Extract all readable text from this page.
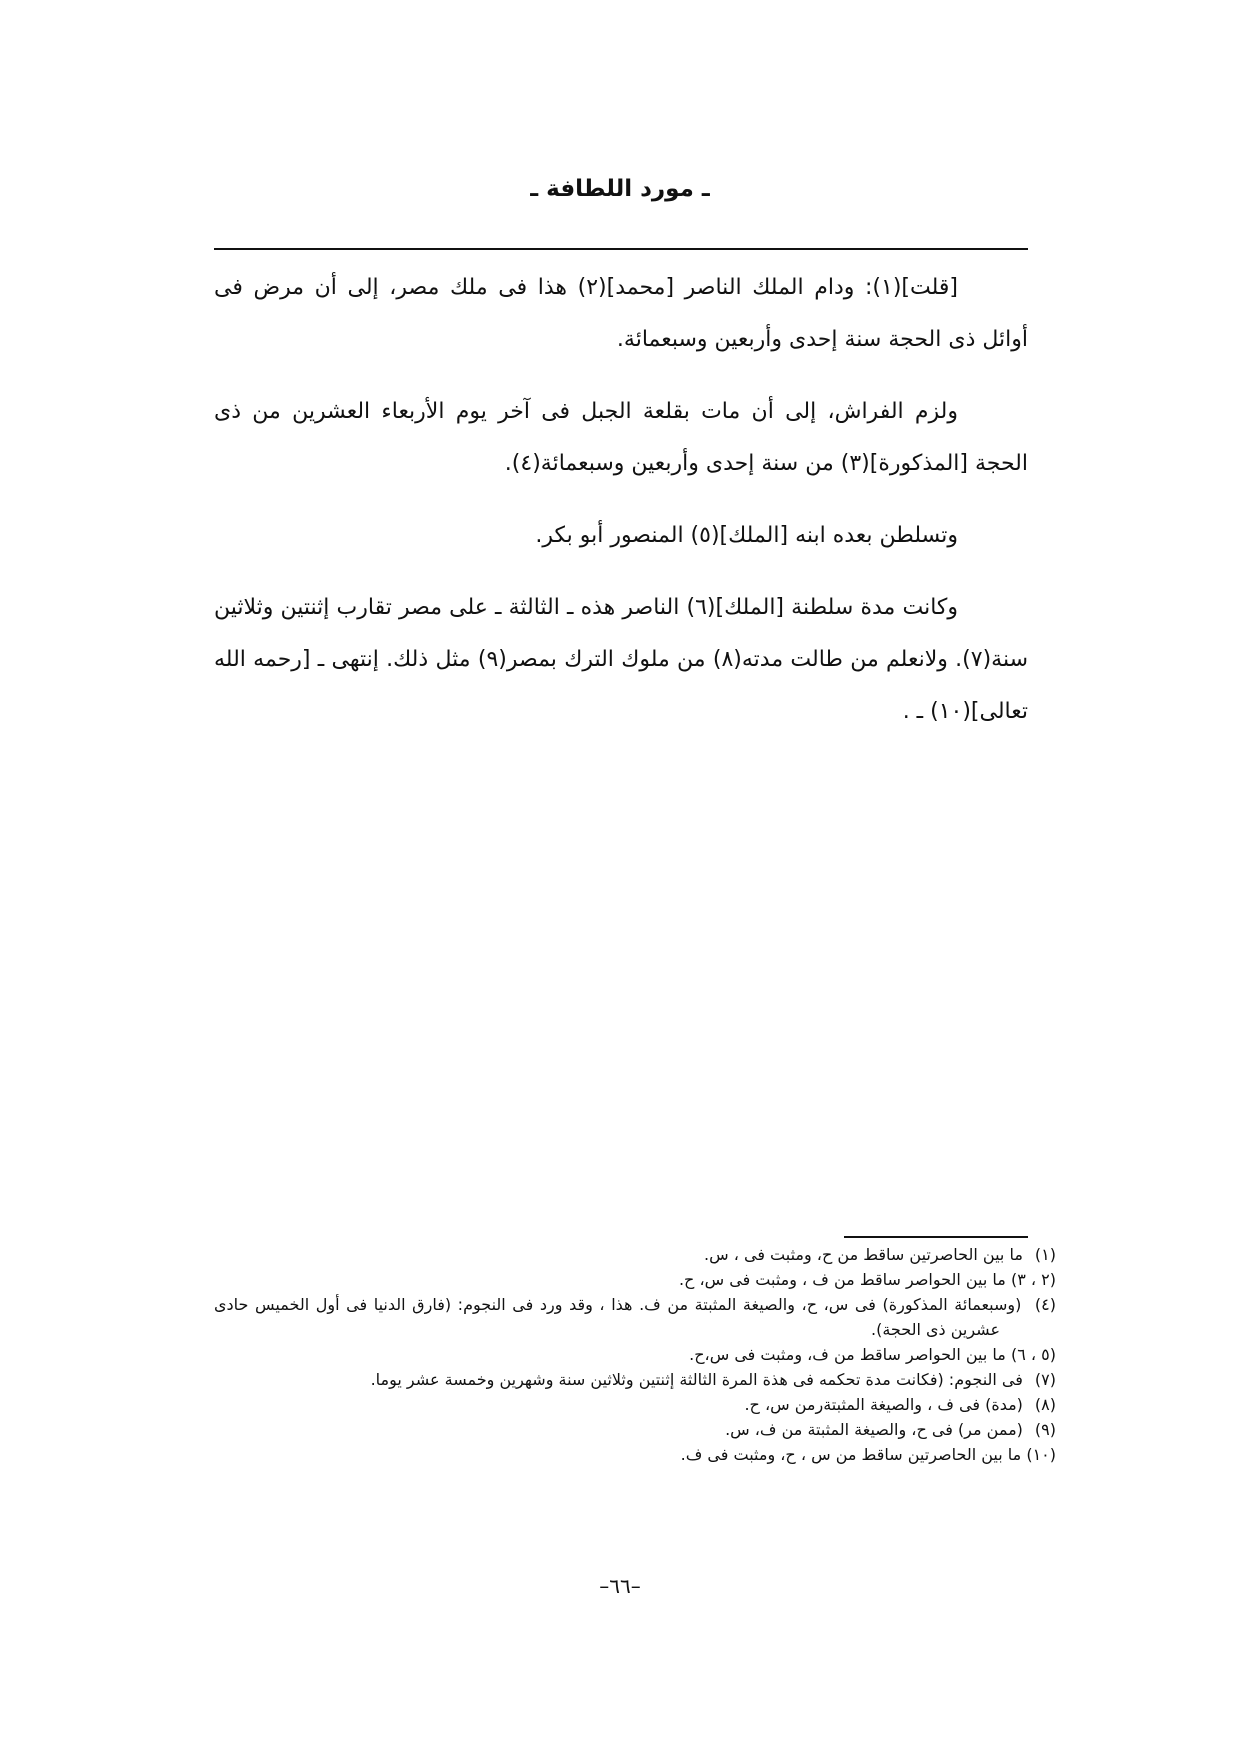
ـ مورد اللطافة ـ

[قلت](١): ودام الملك الناصر [محمد](٢) هذا فى ملك مصر، إلى أن مرض فى أوائل ذى الحجة سنة إحدى وأربعين وسبعمائة.

ولزم الفراش، إلى أن مات بقلعة الجبل فى آخر يوم الأربعاء العشرين من ذى الحجة [المذكورة](٣) من سنة إحدى وأربعين وسبعمائة(٤).

وتسلطن بعده ابنه [الملك](٥) المنصور أبو بكر.

وكانت مدة سلطنة [الملك](٦) الناصر هذه ـ الثالثة ـ على مصر تقارب إثنتين وثلاثين سنة(٧). ولانعلم من طالت مدته(٨) من ملوك الترك بمصر(٩) مثل ذلك. إنتهى ـ [رحمه الله تعالى](١٠) ـ .

(١) ما بين الحاصرتين ساقط من ح، ومثبت فى ، س.

(٢ ، ٣) ما بين الحواصر ساقط من ف ، ومثبت فى س، ح.

(٤) (وسبعمائة المذكورة) فى س، ح، والصيغة المثبتة من ف. هذا ، وقد ورد فى النجوم: (فارق الدنيا فى أول الخميس حادى عشرين ذى الحجة).

(٥ ، ٦) ما بين الحواصر ساقط من ف، ومثبت فى س،ح.

(٧) فى النجوم: (فكانت مدة تحكمه فى هذة المرة الثالثة إثنتين وثلاثين سنة وشهرين وخمسة عشر يوما.

(٨) (مدة) فى ف ، والصيغة المثبتةرمن س، ح.

(٩) (ممن مر) فى ح، والصيغة المثبتة من ف، س.

(١٠) ما بين الحاصرتين ساقط من س ، ح، ومثبت فى ف.

–٦٦–
